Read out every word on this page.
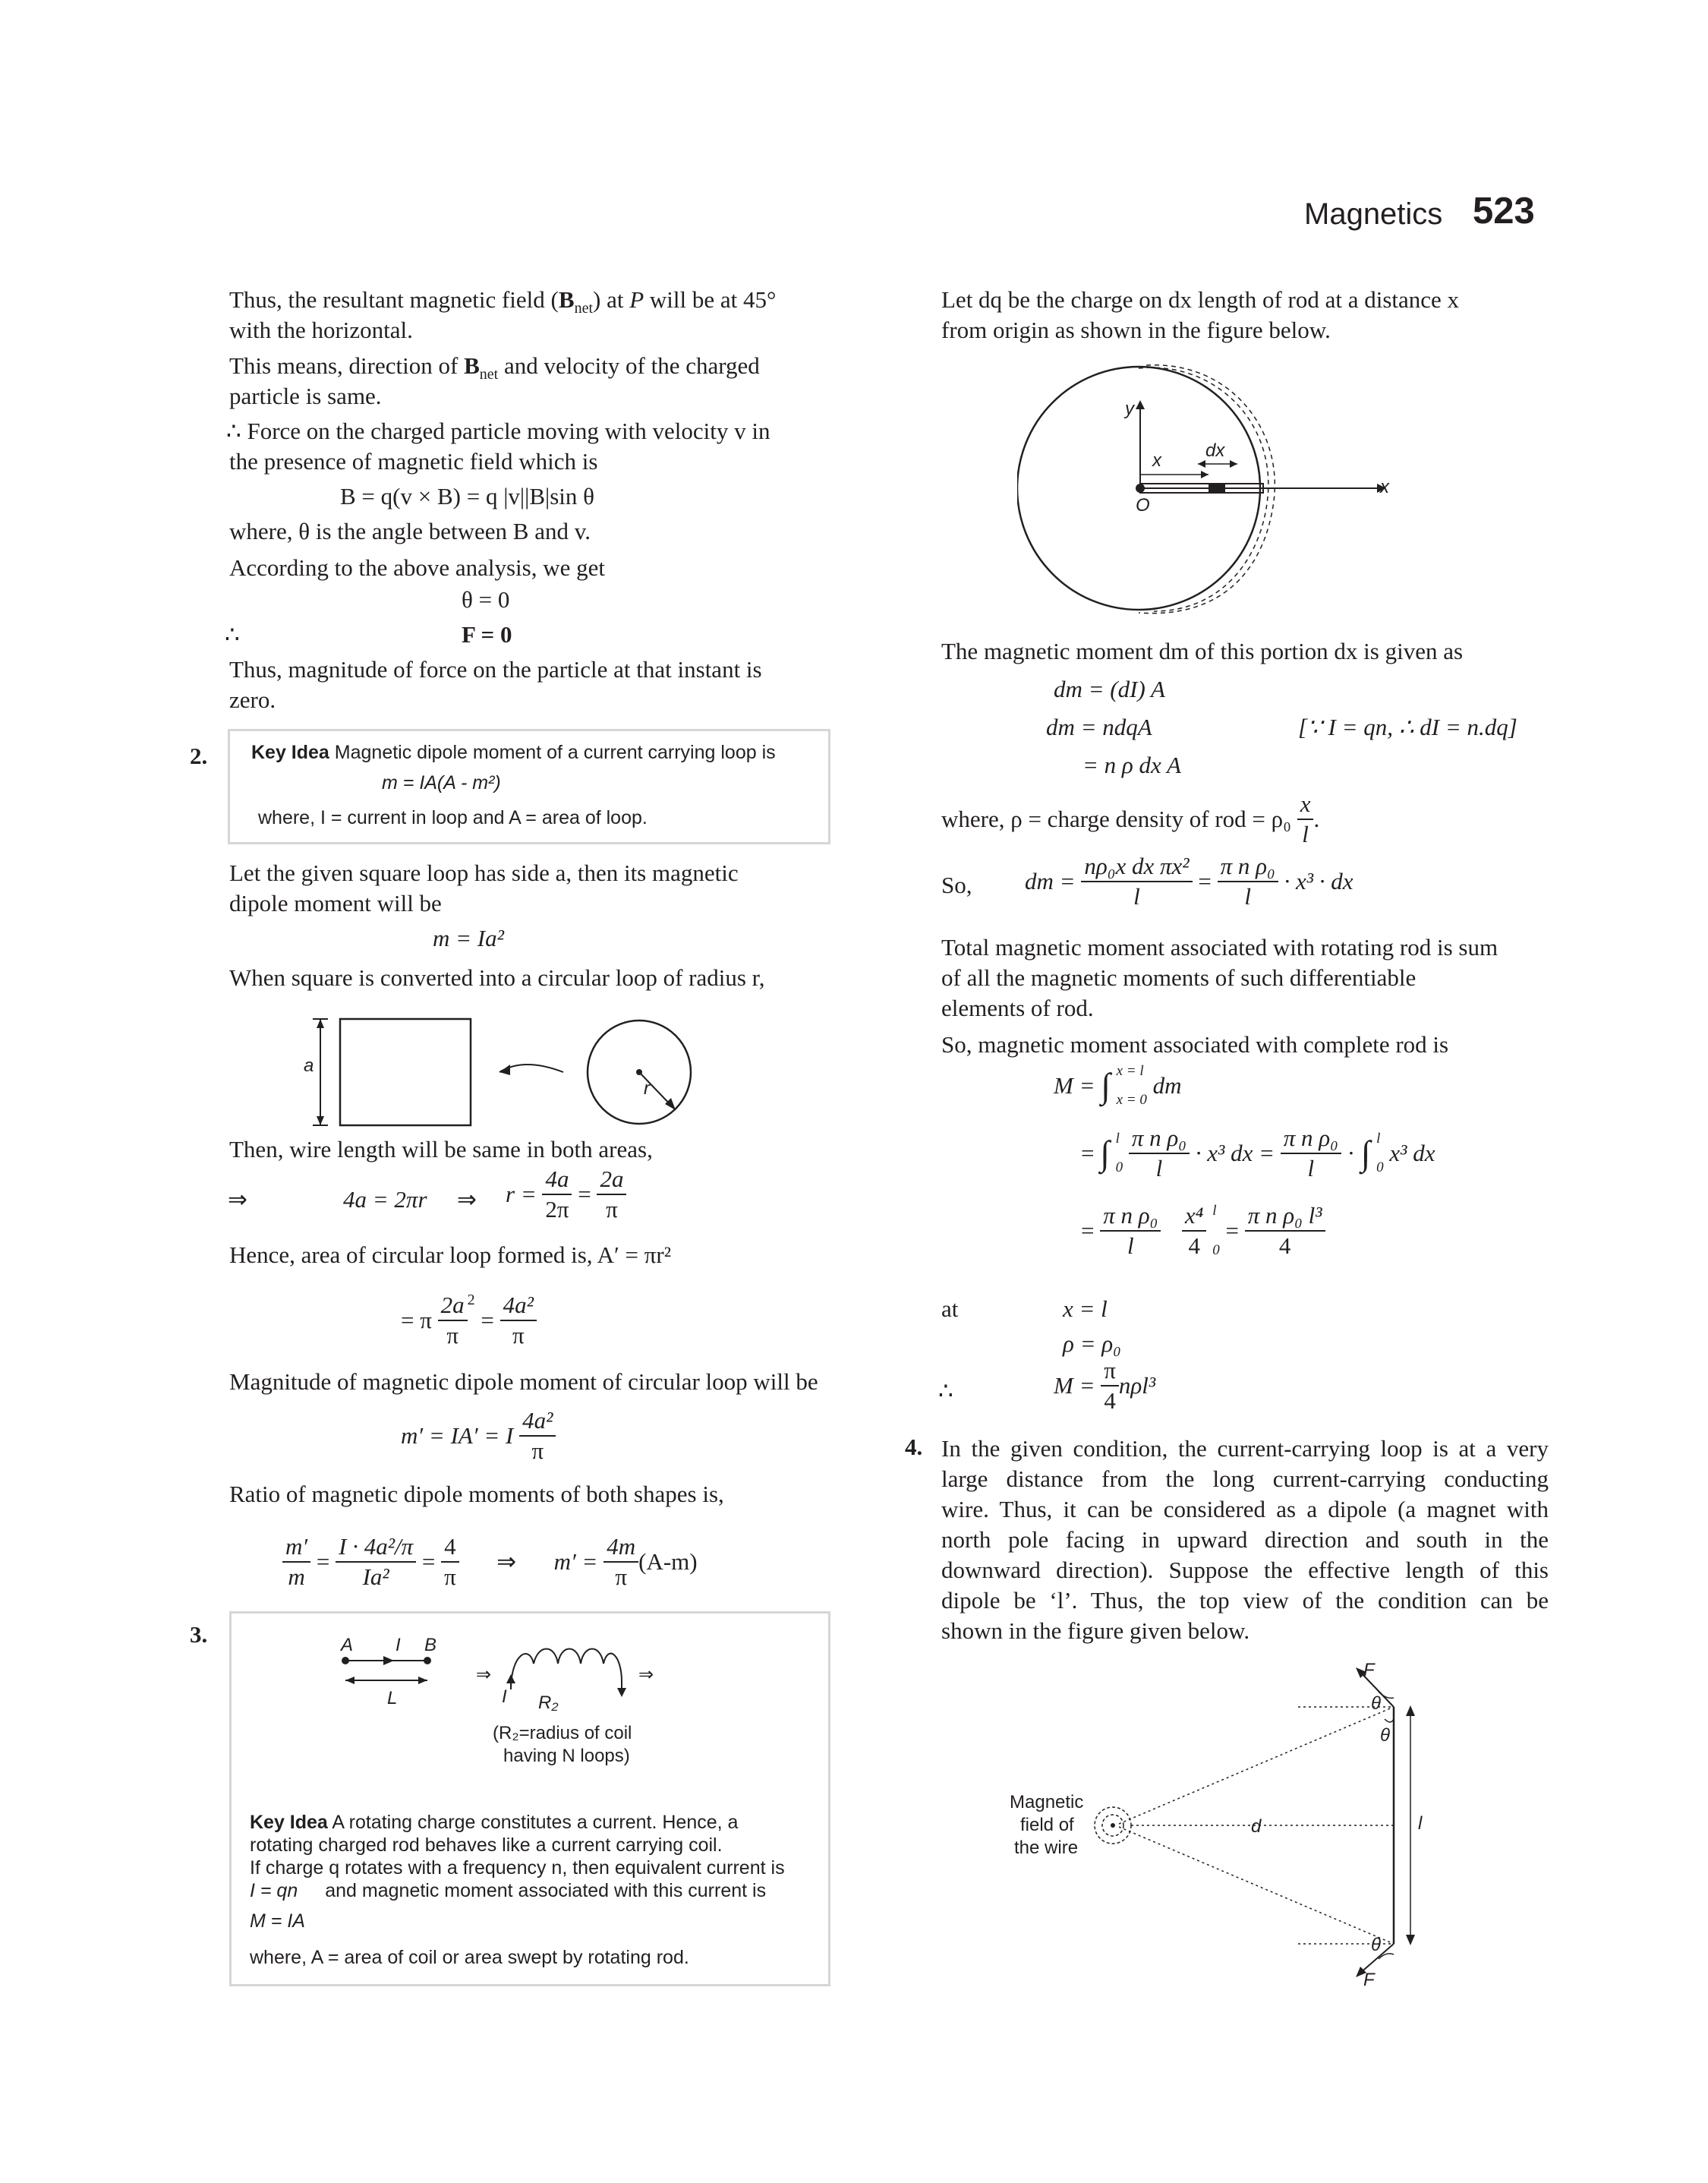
Magnetics 523
Thus, the resultant magnetic field $(B_{net})$ at P will be at 45°
with the horizontal.
This means, direction of $B_{net}$ and velocity of the charged
particle is same.
∴ Force on the charged particle moving with velocity v in
the presence of magnetic field which is
B = q(v × B) = q |v||B|sin θ
where, θ is the angle between B and v.
According to the above analysis, we get
θ = 0
∴	F = 0
Thus, magnitude of force on the particle at that instant is
zero.
2. Key Idea Magnetic dipole moment of a current carrying loop is
m = IA(A - m²)
where, I = current in loop and A = area of loop.
Let the given square loop has side a, then its magnetic
dipole moment will be
m = Ia²
When square is converted into a circular loop of radius r,
a
r
Then, wire length will be same in both areas,
⇒	4a = 2πr ⇒ $r = \frac{4a}{2\pi} = \frac{2a}{\pi}$
Hence, area of circular loop formed is, A′ = πr²
= π $\frac{2a}{\pi} ^2 = \frac{\text{4a²}}{\pi}$
Magnitude of magnetic dipole moment of circular loop will be
m′ = IA′ = I $\frac{\text{4a²}}{\pi}$
Ratio of magnetic dipole moments of both shapes is,
$\frac{m'}{m} = \frac{\text{I · 4a²/π}}{\text{Ia²}} = \frac{4}{\pi}$ ⇒ $m' = \frac{4m}{\pi} (A-m)$
3.	A I B
L
⇒	⇒
I R₂
(R₂=radius of coil
having N loops)
Key Idea A rotating charge constitutes a current. Hence, a
rotating charged rod behaves like a current carrying coil.
If charge q rotates with a frequency n, then equivalent current is
I = qn and magnetic moment associated with this current is
M = IA
where, A = area of coil or area swept by rotating rod.
Let dq be the charge on dx length of rod at a distance x
from origin as shown in the figure below.
y
x dx
x
O
The magnetic moment dm of this portion dx is given as
dm = (dI) A
dm = ndqA	[∵ I = qn, ∴ dI = n.dq]
= n ρ dx A
where, ρ = charge density of rod = $\rho_0 \frac{x}{l}$ .
So, dm = $\frac{\text{nρ₀x dx πx²}}{l} = \frac{\text{π n ρ₀}}{l} \cdot x^3$ · dx
Total magnetic moment associated with rotating rod is sum
of all the magnetic moments of such differentiable
elements of rod.
So, magnetic moment associated with complete rod is
M = ∫ x = l
x = 0
dm
= ∫ l
0
$\frac{\text{π n ρ₀}}{l} \cdot x^3$ dx = $\frac{\text{π n ρ₀}}{l}$ · ∫ l
0
x³ dx
= $\frac{\text{π n ρ₀}}{l}$
$\frac{\text{x⁴}}{4}$
l
0
= $\frac{\text{π n ρ₀ l³}}{4}$
at	x = l
ρ = ρ₀
∴	$M = \frac{\pi}{4} n\rho l^3$
4. In the given condition, the current-carrying loop is at a very
large distance from the long current-carrying conducting
wire. Thus, it can be considered as a dipole (a magnet with
north pole facing in upward direction and south in the
downward direction). Suppose the effective length of this
dipole be ‘l’. Thus, the top view of the condition can be
shown in the figure given below.
F
F
θ
θ
θ
d	l
Magnetic
field of
the wire
